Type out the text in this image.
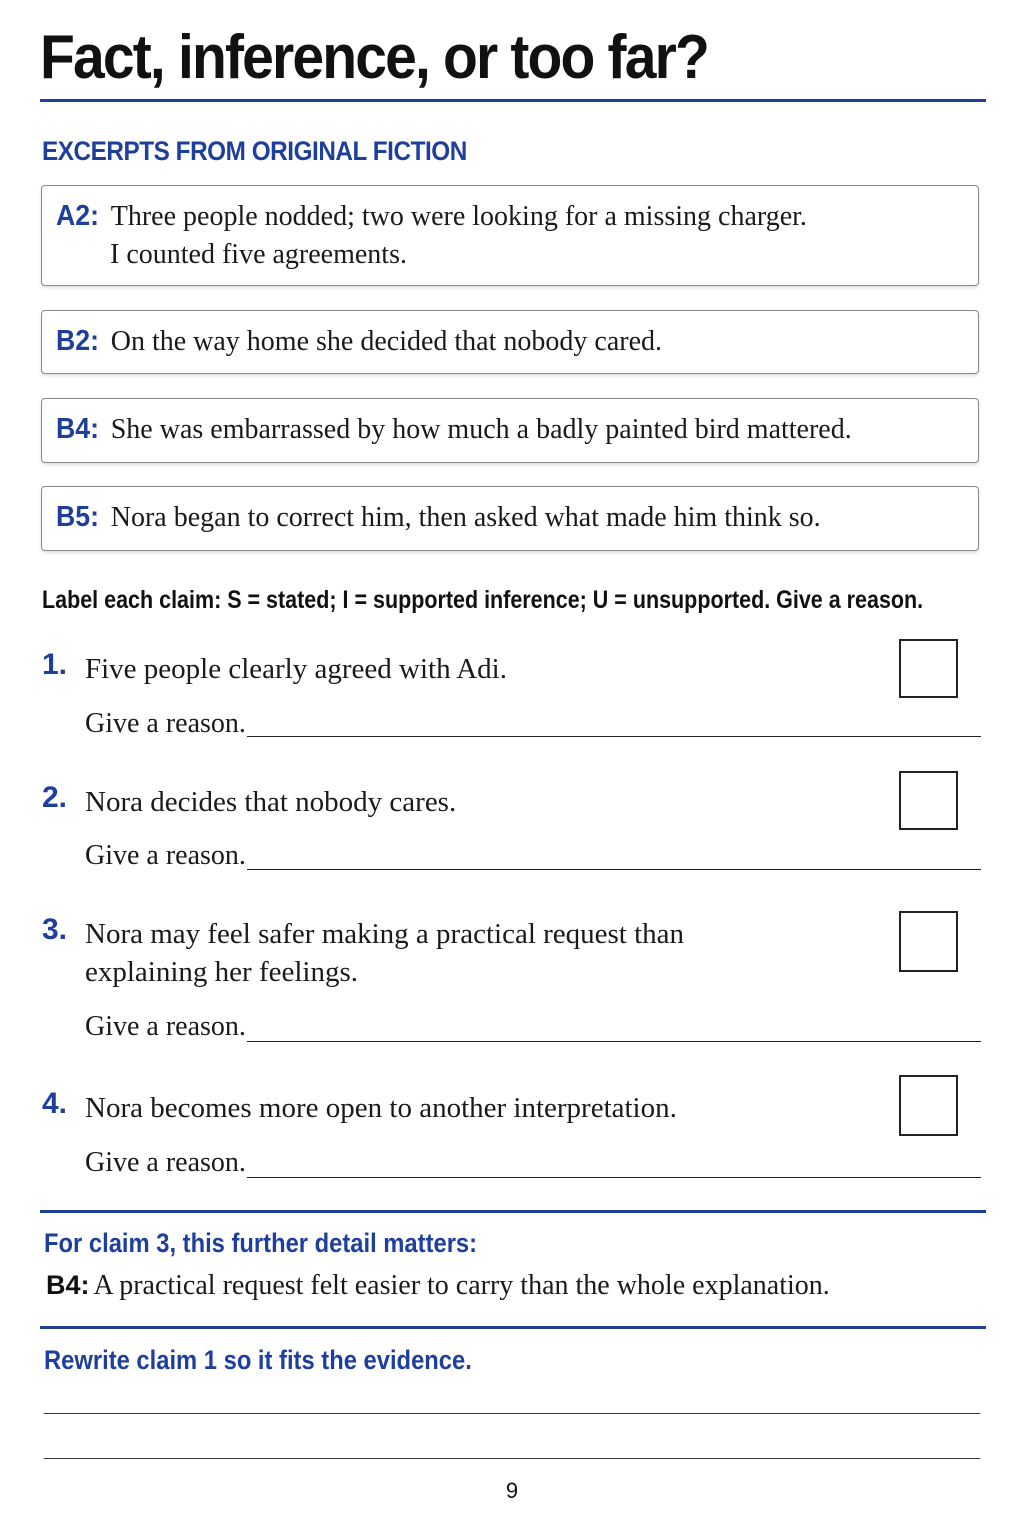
Fact, inference, or too far?
EXCERPTS FROM ORIGINAL FICTION
A2: Three people nodded; two were looking for a missing charger.
I counted five agreements.
B2: On the way home she decided that nobody cared.
B4: She was embarrassed by how much a badly painted bird mattered.
B5: Nora began to correct him, then asked what made him think so.
Label each claim: S = stated; I = supported inference; U = unsupported. Give a reason.
1. Five people clearly agreed with Adi.
Give a reason.
2. Nora decides that nobody cares.
Give a reason.
3. Nora may feel safer making a practical request than
explaining her feelings.
Give a reason.
4. Nora becomes more open to another interpretation.
Give a reason.
For claim 3, this further detail matters:
B4: A practical request felt easier to carry than the whole explanation.
Rewrite claim 1 so it fits the evidence.
9
